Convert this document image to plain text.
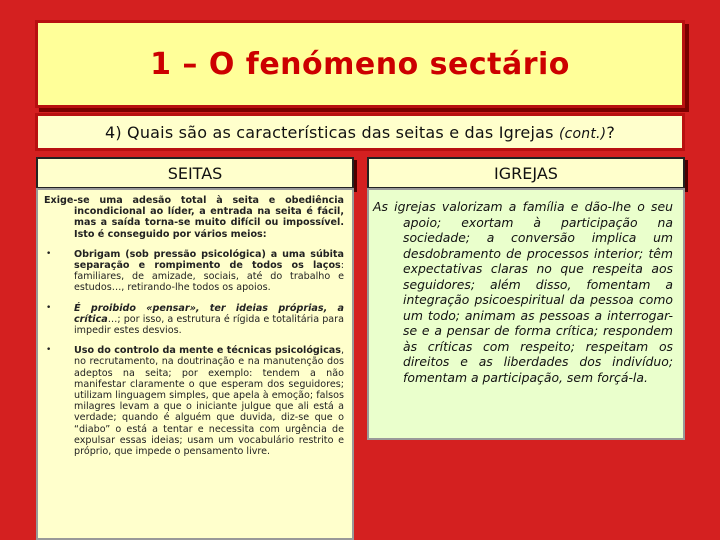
1 – O fenómeno sectário
4) Quais são as características das seitas e das Igrejas (cont.)?
SEITAS	IGREJAS

Exige-se uma adesão total à seita e obediência incondicional ao líder, a entrada na seita é fácil, mas a saída torna-se muito difícil ou impossível. Isto é conseguido por vários meios:

•	Obrigam (sob pressão psicológica) a uma súbita separação e rompimento de todos os laços: familiares, de amizade, sociais, até do trabalho e estudos…, retirando-lhe todos os apoios.

•	É proibido «pensar», ter ideias próprias, a crítica…; por isso, a estrutura é rígida e totalitária para impedir estes desvios.

•	Uso do controlo da mente e técnicas psicológicas, no recrutamento, na doutrinação e na manutenção dos adeptos na seita; por exemplo: tendem a não manifestar claramente o que esperam dos seguidores; utilizam linguagem simples, que apela à emoção; falsos milagres levam a que o iniciante julgue que ali está a verdade; quando é alguém que duvida, diz-se que o “diabo” o está a tentar e necessita com urgência de expulsar essas ideias; usam um vocabulário restrito e próprio, que impede o pensamento livre.

As igrejas valorizam a família e dão-lhe o seu apoio; exortam à participação na sociedade; a conversão implica um desdobramento de processos interior; têm expectativas claras no que respeita aos seguidores; além disso, fomentam a integração psicoespiritual da pessoa como um todo; animam as pessoas a interrogar-se e a pensar de forma crítica; respondem às críticas com respeito; respeitam os direitos e as liberdades dos indivíduo; fomentam a participação, sem forçá-la.
